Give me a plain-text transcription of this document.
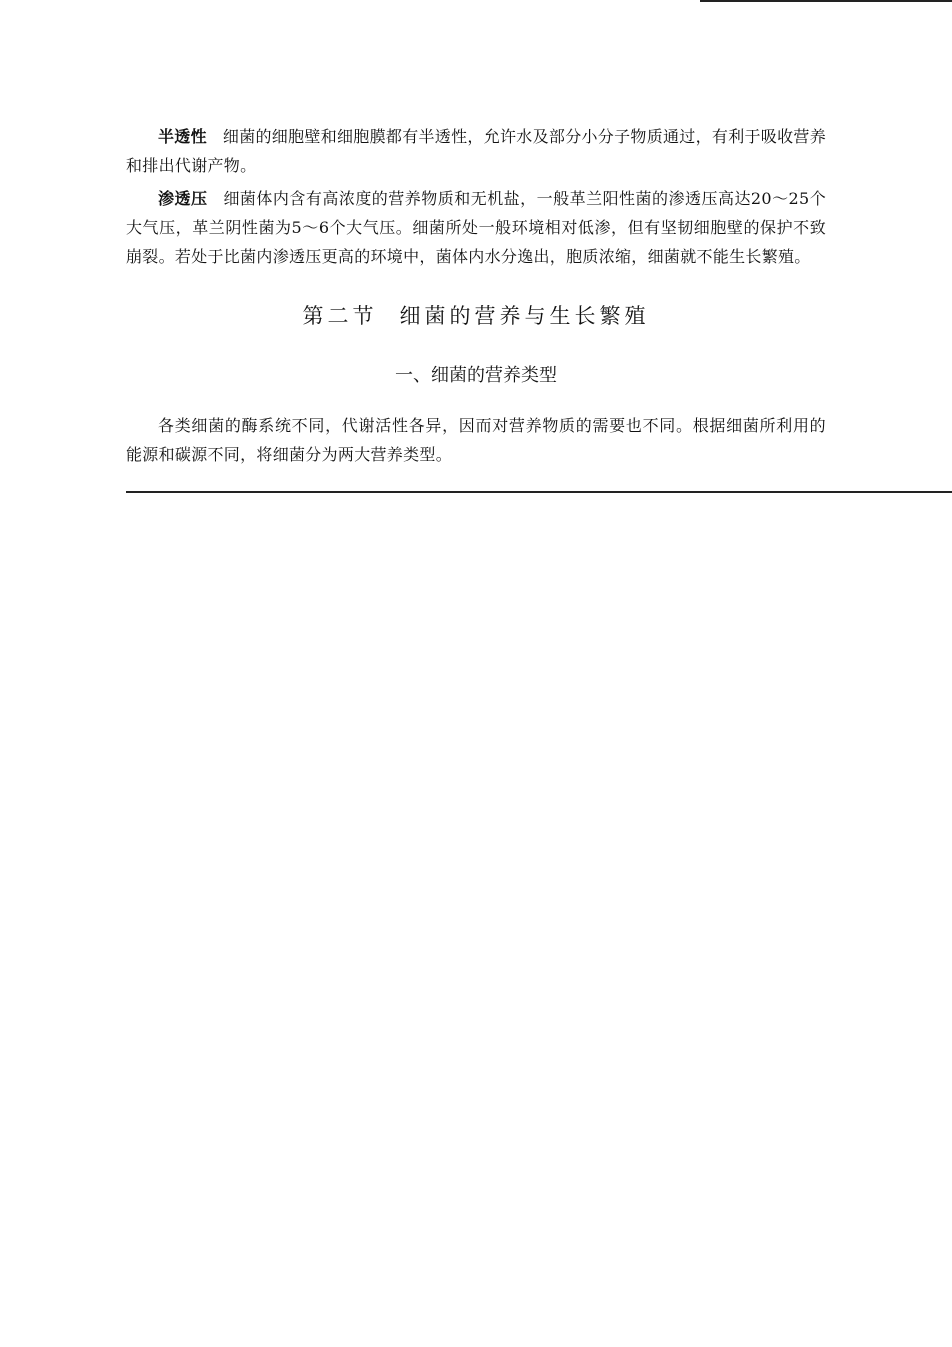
半透性 细菌的细胞壁和细胞膜都有半透性，允许水及部分小分子物质通过，有利于吸收营养和排出代谢产物。

渗透压 细菌体内含有高浓度的营养物质和无机盐，一般革兰阳性菌的渗透压高达20～25个大气压，革兰阴性菌为5～6个大气压。细菌所处一般环境相对低渗，但有坚韧细胞壁的保护不致崩裂。若处于比菌内渗透压更高的环境中，菌体内水分逸出，胞质浓缩，细菌就不能生长繁殖。

第二节 细菌的营养与生长繁殖
一、细菌的营养类型

各类细菌的酶系统不同，代谢活性各异，因而对营养物质的需要也不同。根据细菌所利用的能源和碳源不同，将细菌分为两大营养类型。
